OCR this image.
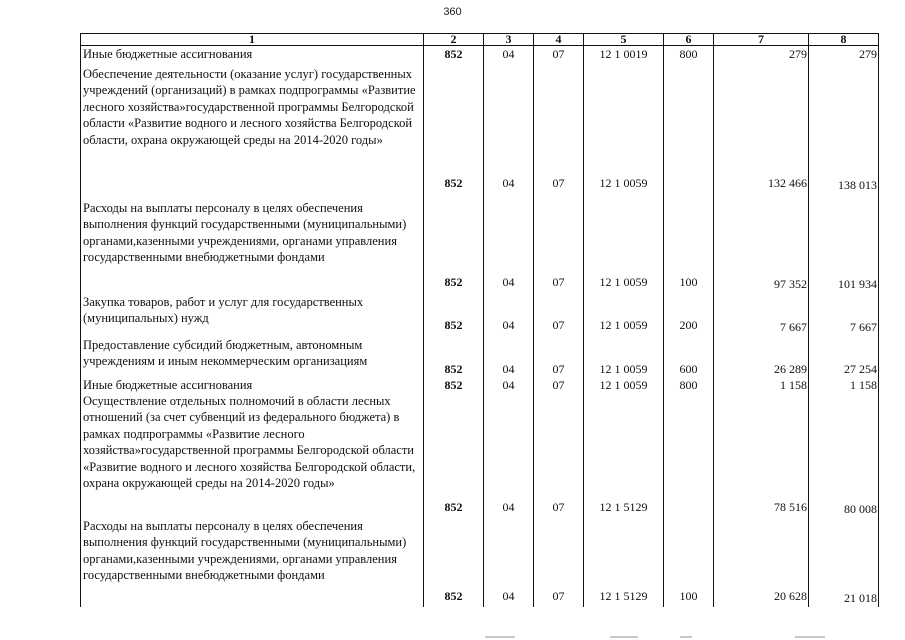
360
1	2	3	4	5	6	7	8
Иные бюджетные ассигнования	852	04	07	12 1 0019	800	279	279
Обеспечение деятельности (оказание услуг) государственных учреждений (организаций) в рамках подпрограммы «Развитие лесного хозяйства»государственной программы Белгородской области «Развитие водного и лесного хозяйства Белгородской области, охрана окружающей среды на 2014-2020 годы»	852	04	07	12 1 0059		132 466	138 013
Расходы на выплаты персоналу в целях обеспечения выполнения функций государственными (муниципальными) органами,казенными учреждениями, органами управления государственными внебюджетными фондами	852	04	07	12 1 0059	100	97 352	101 934
Закупка товаров, работ и услуг для государственных (муниципальных) нужд	852	04	07	12 1 0059	200	7 667	7 667
Предоставление субсидий бюджетным, автономным учреждениям и иным некоммерческим организациям	852	04	07	12 1 0059	600	26 289	27 254
Иные бюджетные ассигнования	852	04	07	12 1 0059	800	1 158	1 158
Осуществление отдельных полномочий в области лесных отношений (за счет субвенций из федерального бюджета) в рамках подпрограммы «Развитие лесного хозяйства»государственной программы Белгородской области «Развитие водного и лесного хозяйства Белгородской области, охрана окружающей среды на 2014-2020 годы»	852	04	07	12 1 5129		78 516	80 008
Расходы на выплаты персоналу в целях обеспечения выполнения функций государственными (муниципальными) органами,казенными учреждениями, органами управления государственными внебюджетными фондами	852	04	07	12 1 5129	100	20 628	21 018
